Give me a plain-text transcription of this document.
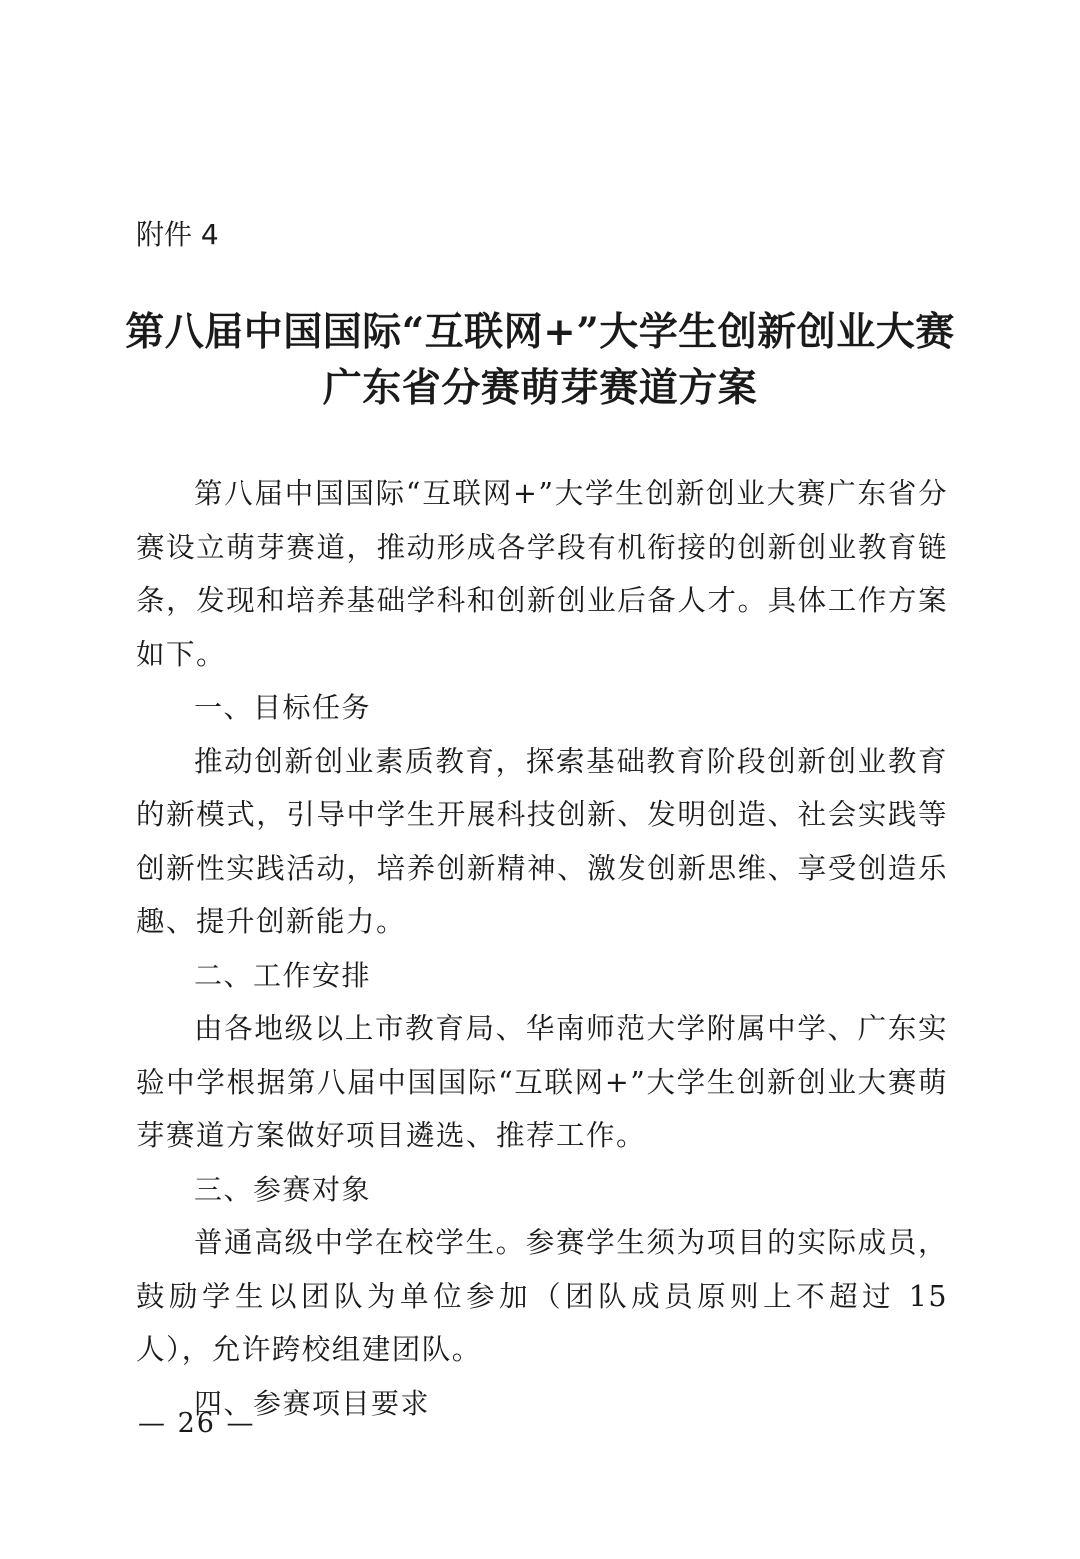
附件 4

第八届中国国际“互联网+”大学生创新创业大赛
广东省分赛萌芽赛道方案

第八届中国国际“互联网+”大学生创新创业大赛广东省分赛设立萌芽赛道，推动形成各学段有机衔接的创新创业教育链条，发现和培养基础学科和创新创业后备人才。具体工作方案如下。

一、目标任务

推动创新创业素质教育，探索基础教育阶段创新创业教育的新模式，引导中学生开展科技创新、发明创造、社会实践等创新性实践活动，培养创新精神、激发创新思维、享受创造乐趣、提升创新能力。

二、工作安排

由各地级以上市教育局、华南师范大学附属中学、广东实验中学根据第八届中国国际“互联网+”大学生创新创业大赛萌芽赛道方案做好项目遴选、推荐工作。

三、参赛对象

普通高级中学在校学生。参赛学生须为项目的实际成员，鼓励学生以团队为单位参加（团队成员原则上不超过 15 人），允许跨校组建团队。

四、参赛项目要求

— 26 —
